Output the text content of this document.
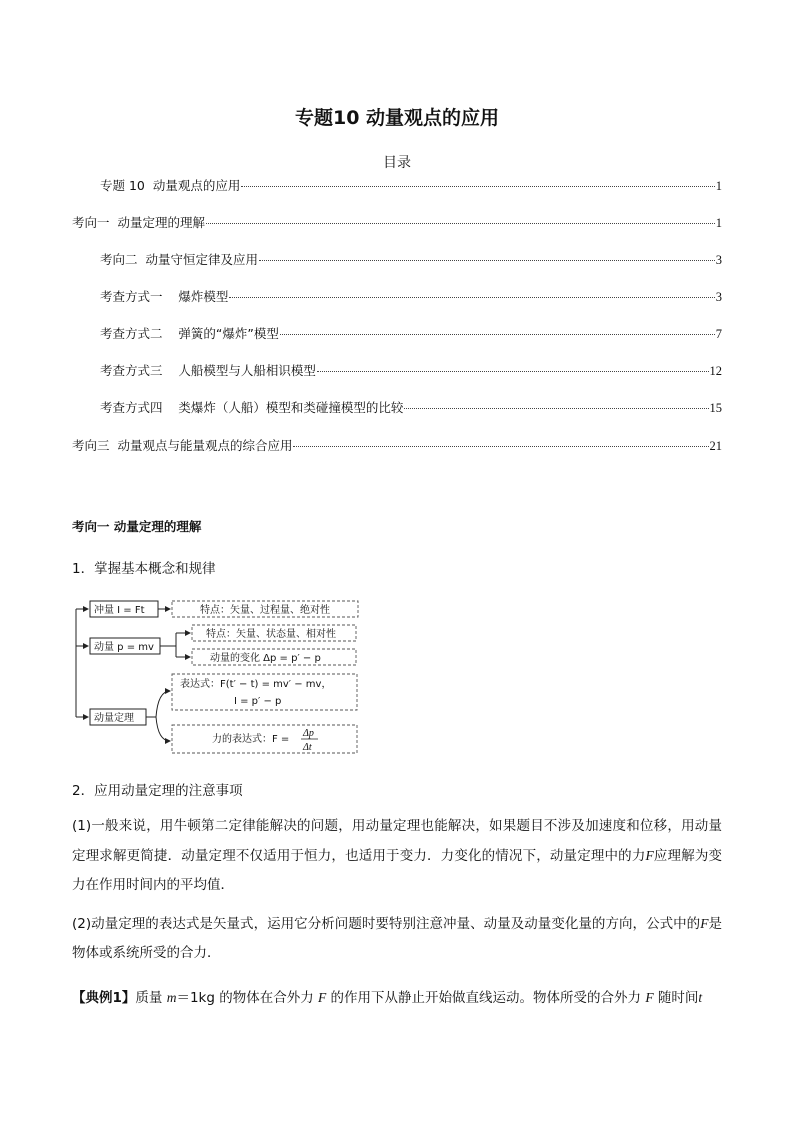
专题10 动量观点的应用
目录
专题 10  动量观点的应用	1
考向一  动量定理的理解	1
考向二  动量守恒定律及应用	3
考查方式一    爆炸模型	3
考查方式二    弹簧的“爆炸”模型	7
考查方式三    人船模型与人船相识模型	12
考查方式四    类爆炸（人船）模型和类碰撞模型的比较	15
考向三  动量观点与能量观点的综合应用	21
考向一 动量定理的理解
1．掌握基本概念和规律
冲量 I = Ft	特点：矢量、过程量、绝对性
动量 p = mv
特点：矢量、状态量、相对性
动量的变化 Δp = p′ − p
动量定理
表达式：F(t′ − t) = mv′ − mv，
I = p′ − p
力的表达式：F =
Δp
Δt
2．应用动量定理的注意事项
(1)一般来说，用牛顿第二定律能解决的问题，用动量定理也能解决，如果题目不涉及加速度和位移，用动量定理求解更简捷．动量定理不仅适用于恒力，也适用于变力．力变化的情况下，动量定理中的力F应理解为变力在作用时间内的平均值．
(2)动量定理的表达式是矢量式，运用它分析问题时要特别注意冲量、动量及动量变化量的方向，公式中的F是物体或系统所受的合力．
【典例1】质量 m＝1kg 的物体在合外力 F 的作用下从静止开始做直线运动。物体所受的合外力 F 随时间t
